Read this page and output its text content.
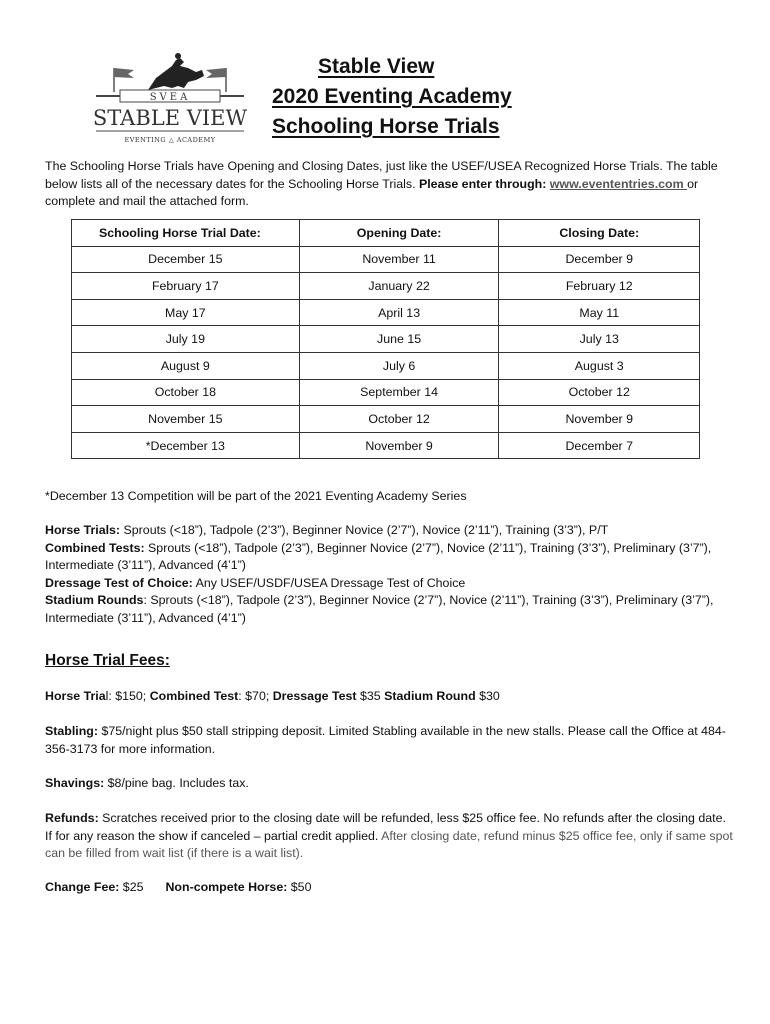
SVEA
STABLE VIEW
EVENTING △ ACADEMY
Stable View
2020 Eventing Academy
Schooling Horse Trials
The Schooling Horse Trials have Opening and Closing Dates, just like the USEF/USEA Recognized Horse Trials. The table below lists all of the necessary dates for the Schooling Horse Trials. Please enter through: www.evententries.com or complete and mail the attached form.
Schooling Horse Trial Date:	Opening Date:	Closing Date:
December 15	November 11	December 9
February 17	January 22	February 12
May 17	April 13	May 11
July 19	June 15	July 13
August 9	July 6	August 3
October 18	September 14	October 12
November 15	October 12	November 9
*December 13	November 9	December 7
*December 13 Competition will be part of the 2021 Eventing Academy Series
Horse Trials: Sprouts (<18”), Tadpole (2’3”), Beginner Novice (2’7”), Novice (2’11”), Training (3’3”), P/T
Combined Tests: Sprouts (<18”), Tadpole (2’3”), Beginner Novice (2’7”), Novice (2’11”), Training (3’3”), Preliminary (3’7”), Intermediate (3’11”), Advanced (4’1”)
Dressage Test of Choice: Any USEF/USDF/USEA Dressage Test of Choice
Stadium Rounds: Sprouts (<18”), Tadpole (2’3”), Beginner Novice (2’7”), Novice (2’11”), Training (3’3”), Preliminary (3’7”), Intermediate (3’11”), Advanced (4’1”)
Horse Trial Fees:
Horse Trial: $150; Combined Test: $70; Dressage Test $35 Stadium Round $30
Stabling: $75/night plus $50 stall stripping deposit. Limited Stabling available in the new stalls. Please call the Office at 484-356-3173 for more information.
Shavings: $8/pine bag. Includes tax.
Refunds: Scratches received prior to the closing date will be refunded, less $25 office fee. No refunds after the closing date. If for any reason the show if canceled – partial credit applied. After closing date, refund minus $25 office fee, only if same spot can be filled from wait list (if there is a wait list).
Change Fee: $25 Non-compete Horse: $50
